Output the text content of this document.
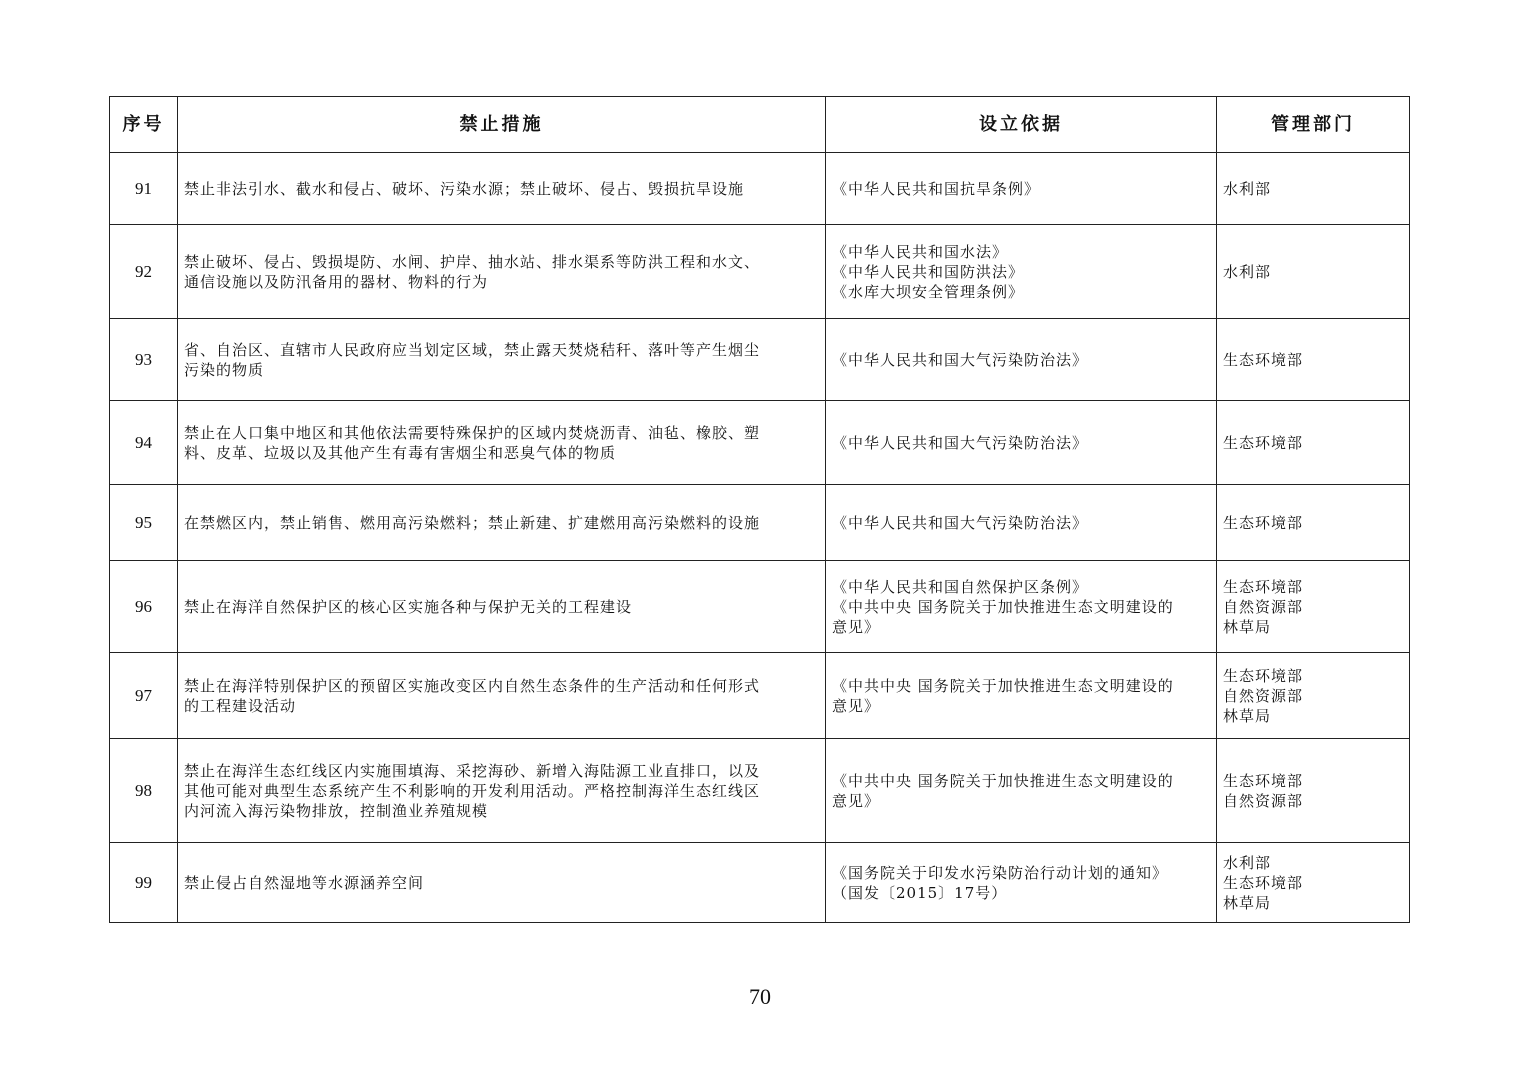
序号	禁止措施	设立依据	管理部门
91	禁止非法引水、截水和侵占、破坏、污染水源；禁止破坏、侵占、毁损抗旱设施	《中华人民共和国抗旱条例》	水利部

92	禁止破坏、侵占、毁损堤防、水闸、护岸、抽水站、排水渠系等防洪工程和水文、
通信设施以及防汛备用的器材、物料的行为	《中华人民共和国水法》
《中华人民共和国防洪法》
《水库大坝安全管理条例》	水利部

93	省、自治区、直辖市人民政府应当划定区域，禁止露天焚烧秸秆、落叶等产生烟尘
污染的物质	《中华人民共和国大气污染防治法》	生态环境部

94	禁止在人口集中地区和其他依法需要特殊保护的区域内焚烧沥青、油毡、橡胶、塑
料、皮革、垃圾以及其他产生有毒有害烟尘和恶臭气体的物质	《中华人民共和国大气污染防治法》	生态环境部

95	在禁燃区内，禁止销售、燃用高污染燃料；禁止新建、扩建燃用高污染燃料的设施	《中华人民共和国大气污染防治法》	生态环境部

96	禁止在海洋自然保护区的核心区实施各种与保护无关的工程建设	《中华人民共和国自然保护区条例》
《中共中央 国务院关于加快推进生态文明建设的
意见》	生态环境部
自然资源部
林草局

97	禁止在海洋特别保护区的预留区实施改变区内自然生态条件的生产活动和任何形式
的工程建设活动	《中共中央 国务院关于加快推进生态文明建设的
意见》	生态环境部
自然资源部
林草局

98	禁止在海洋生态红线区内实施围填海、采挖海砂、新增入海陆源工业直排口，以及
其他可能对典型生态系统产生不利影响的开发利用活动。严格控制海洋生态红线区
内河流入海污染物排放，控制渔业养殖规模	《中共中央 国务院关于加快推进生态文明建设的
意见》	生态环境部
自然资源部

99	禁止侵占自然湿地等水源涵养空间	《国务院关于印发水污染防治行动计划的通知》
（国发〔2015〕17号）	水利部
生态环境部
林草局
70
